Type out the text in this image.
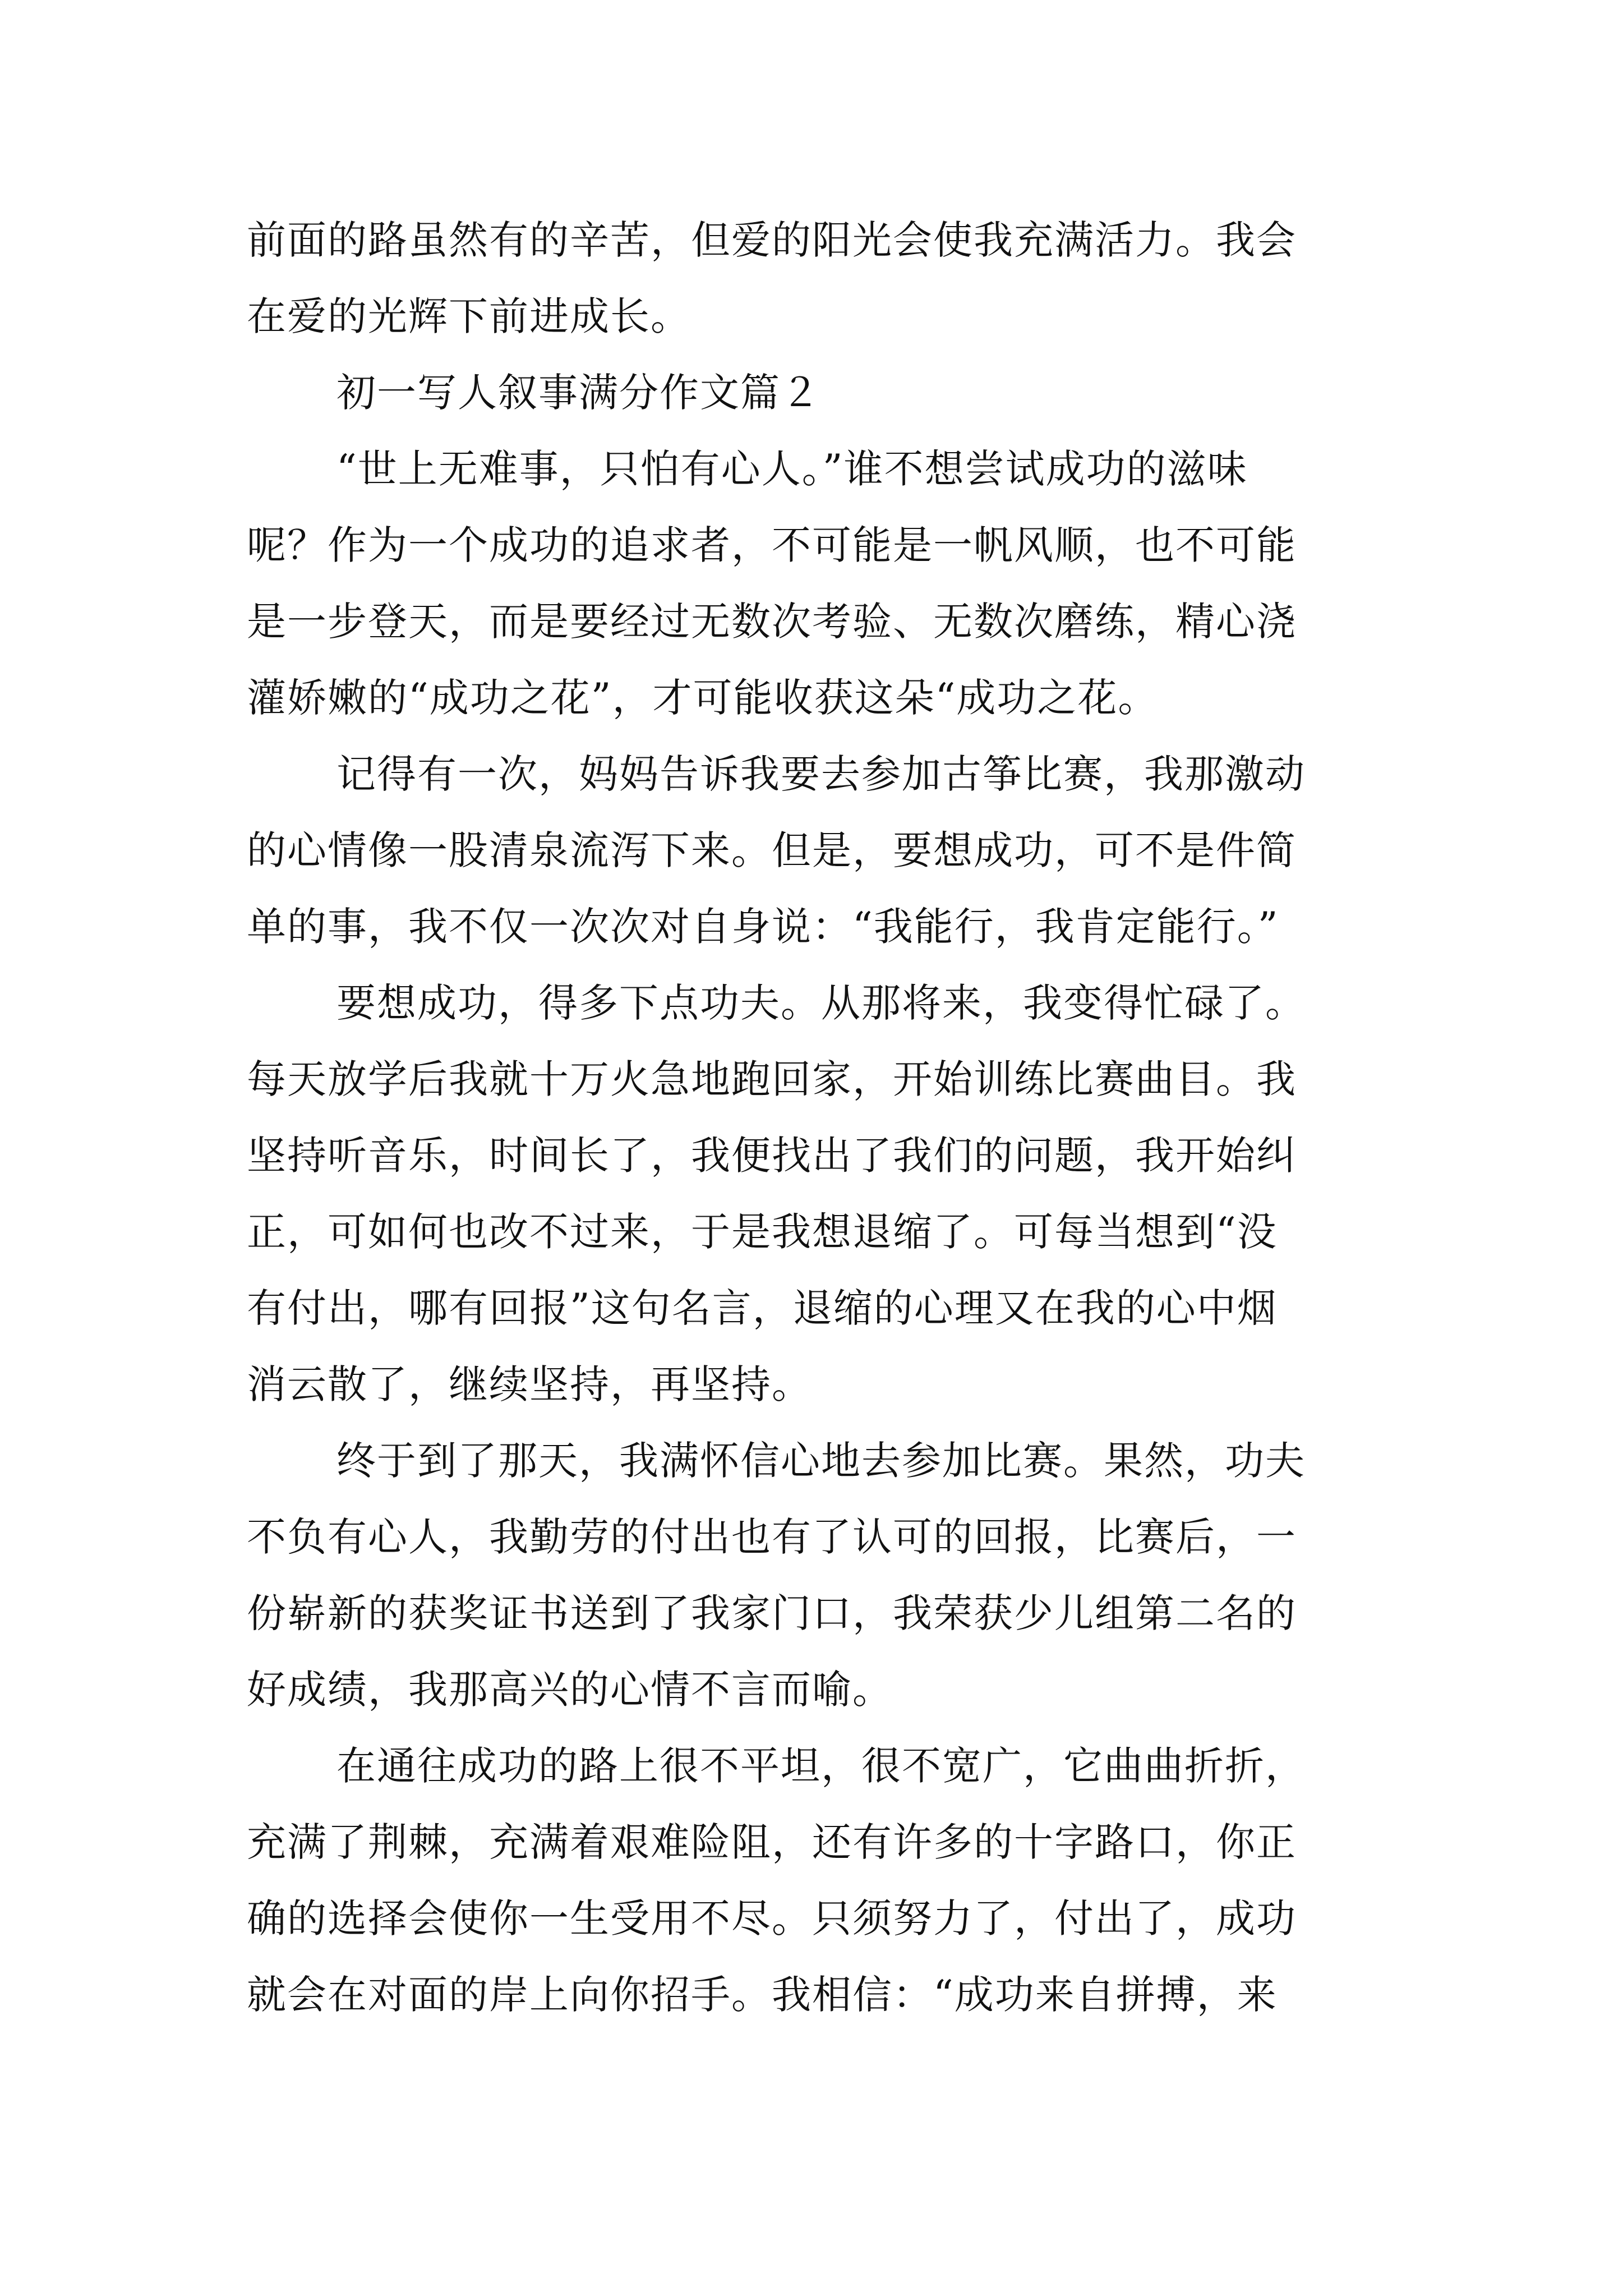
前面的路虽然有的辛苦，但爱的阳光会使我充满活力。我会
在爱的光辉下前进成长。
初一写人叙事满分作文篇２
“世上无难事，只怕有心人。”谁不想尝试成功的滋味
呢？作为一个成功的追求者，不可能是一帆风顺，也不可能
是一步登天，而是要经过无数次考验、无数次磨练，精心浇
灌娇嫩的“成功之花”，才可能收获这朵“成功之花。
记得有一次，妈妈告诉我要去参加古筝比赛，我那激动
的心情像一股清泉流泻下来。但是，要想成功，可不是件简
单的事，我不仅一次次对自身说：“我能行，我肯定能行。”
要想成功，得多下点功夫。从那将来，我变得忙碌了。
每天放学后我就十万火急地跑回家，开始训练比赛曲目。我
坚持听音乐，时间长了，我便找出了我们的问题，我开始纠
正，可如何也改不过来，于是我想退缩了。可每当想到“没
有付出，哪有回报”这句名言，退缩的心理又在我的心中烟
消云散了，继续坚持，再坚持。
终于到了那天，我满怀信心地去参加比赛。果然，功夫
不负有心人，我勤劳的付出也有了认可的回报，比赛后，一
份崭新的获奖证书送到了我家门口，我荣获少儿组第二名的
好成绩，我那高兴的心情不言而喻。
在通往成功的路上很不平坦，很不宽广，它曲曲折折，
充满了荆棘，充满着艰难险阻，还有许多的十字路口，你正
确的选择会使你一生受用不尽。只须努力了，付出了，成功
就会在对面的岸上向你招手。我相信：“成功来自拼搏，来
